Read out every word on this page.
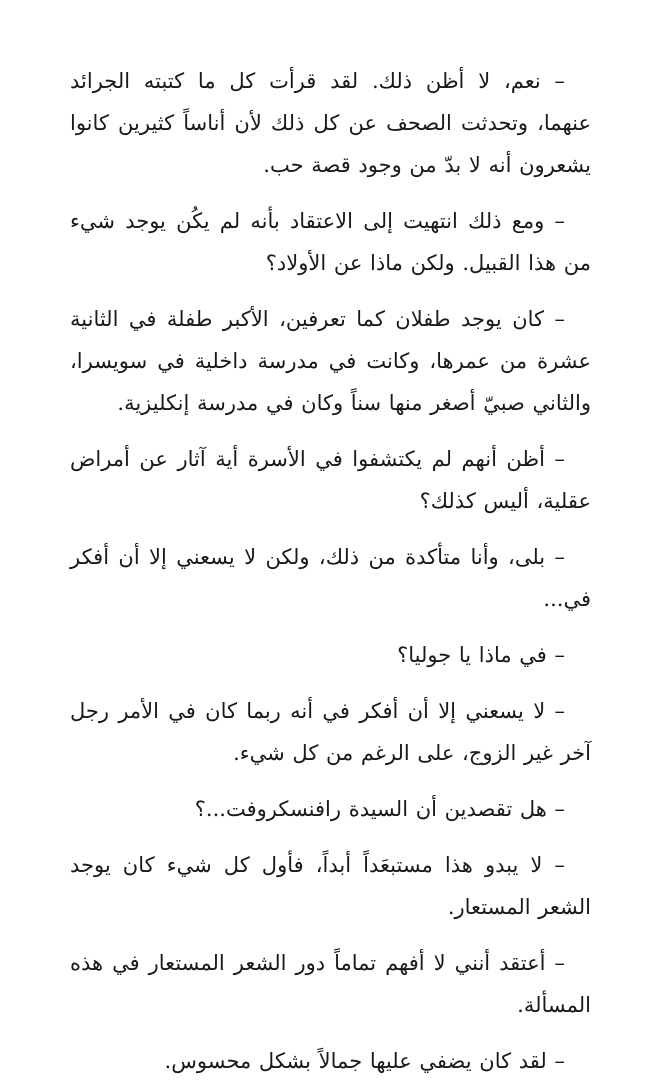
– نعم، لا أظن ذلك. لقد قرأت كل ما كتبته الجرائد عنهما، وتحدثت الصحف عن كل ذلك لأن أناساً كثيرين كانوا يشعرون أنه لا بدّ من وجود قصة حب.

– ومع ذلك انتهيت إلى الاعتقاد بأنه لم يكُن يوجد شيء من هذا القبيل. ولكن ماذا عن الأولاد؟

– كان يوجد طفلان كما تعرفين، الأكبر طفلة في الثانية عشرة من عمرها، وكانت في مدرسة داخلية في سويسرا، والثاني صبيّ أصغر منها سناً وكان في مدرسة إنكليزية.

– أظن أنهم لم يكتشفوا في الأسرة أية آثار عن أمراض عقلية، أليس كذلك؟

– بلى، وأنا متأكدة من ذلك، ولكن لا يسعني إلا أن أفكر في...

– في ماذا يا جوليا؟

– لا يسعني إلا أن أفكر في أنه ربما كان في الأمر رجل آخر غير الزوج، على الرغم من كل شيء.

– هل تقصدين أن السيدة رافنسكروفت...؟

– لا يبدو هذا مستبعَداً أبداً، فأول كل شيء كان يوجد الشعر المستعار.

– أعتقد أنني لا أفهم تماماً دور الشعر المستعار في هذه المسألة.

– لقد كان يضفي عليها جمالاً بشكل محسوس.
